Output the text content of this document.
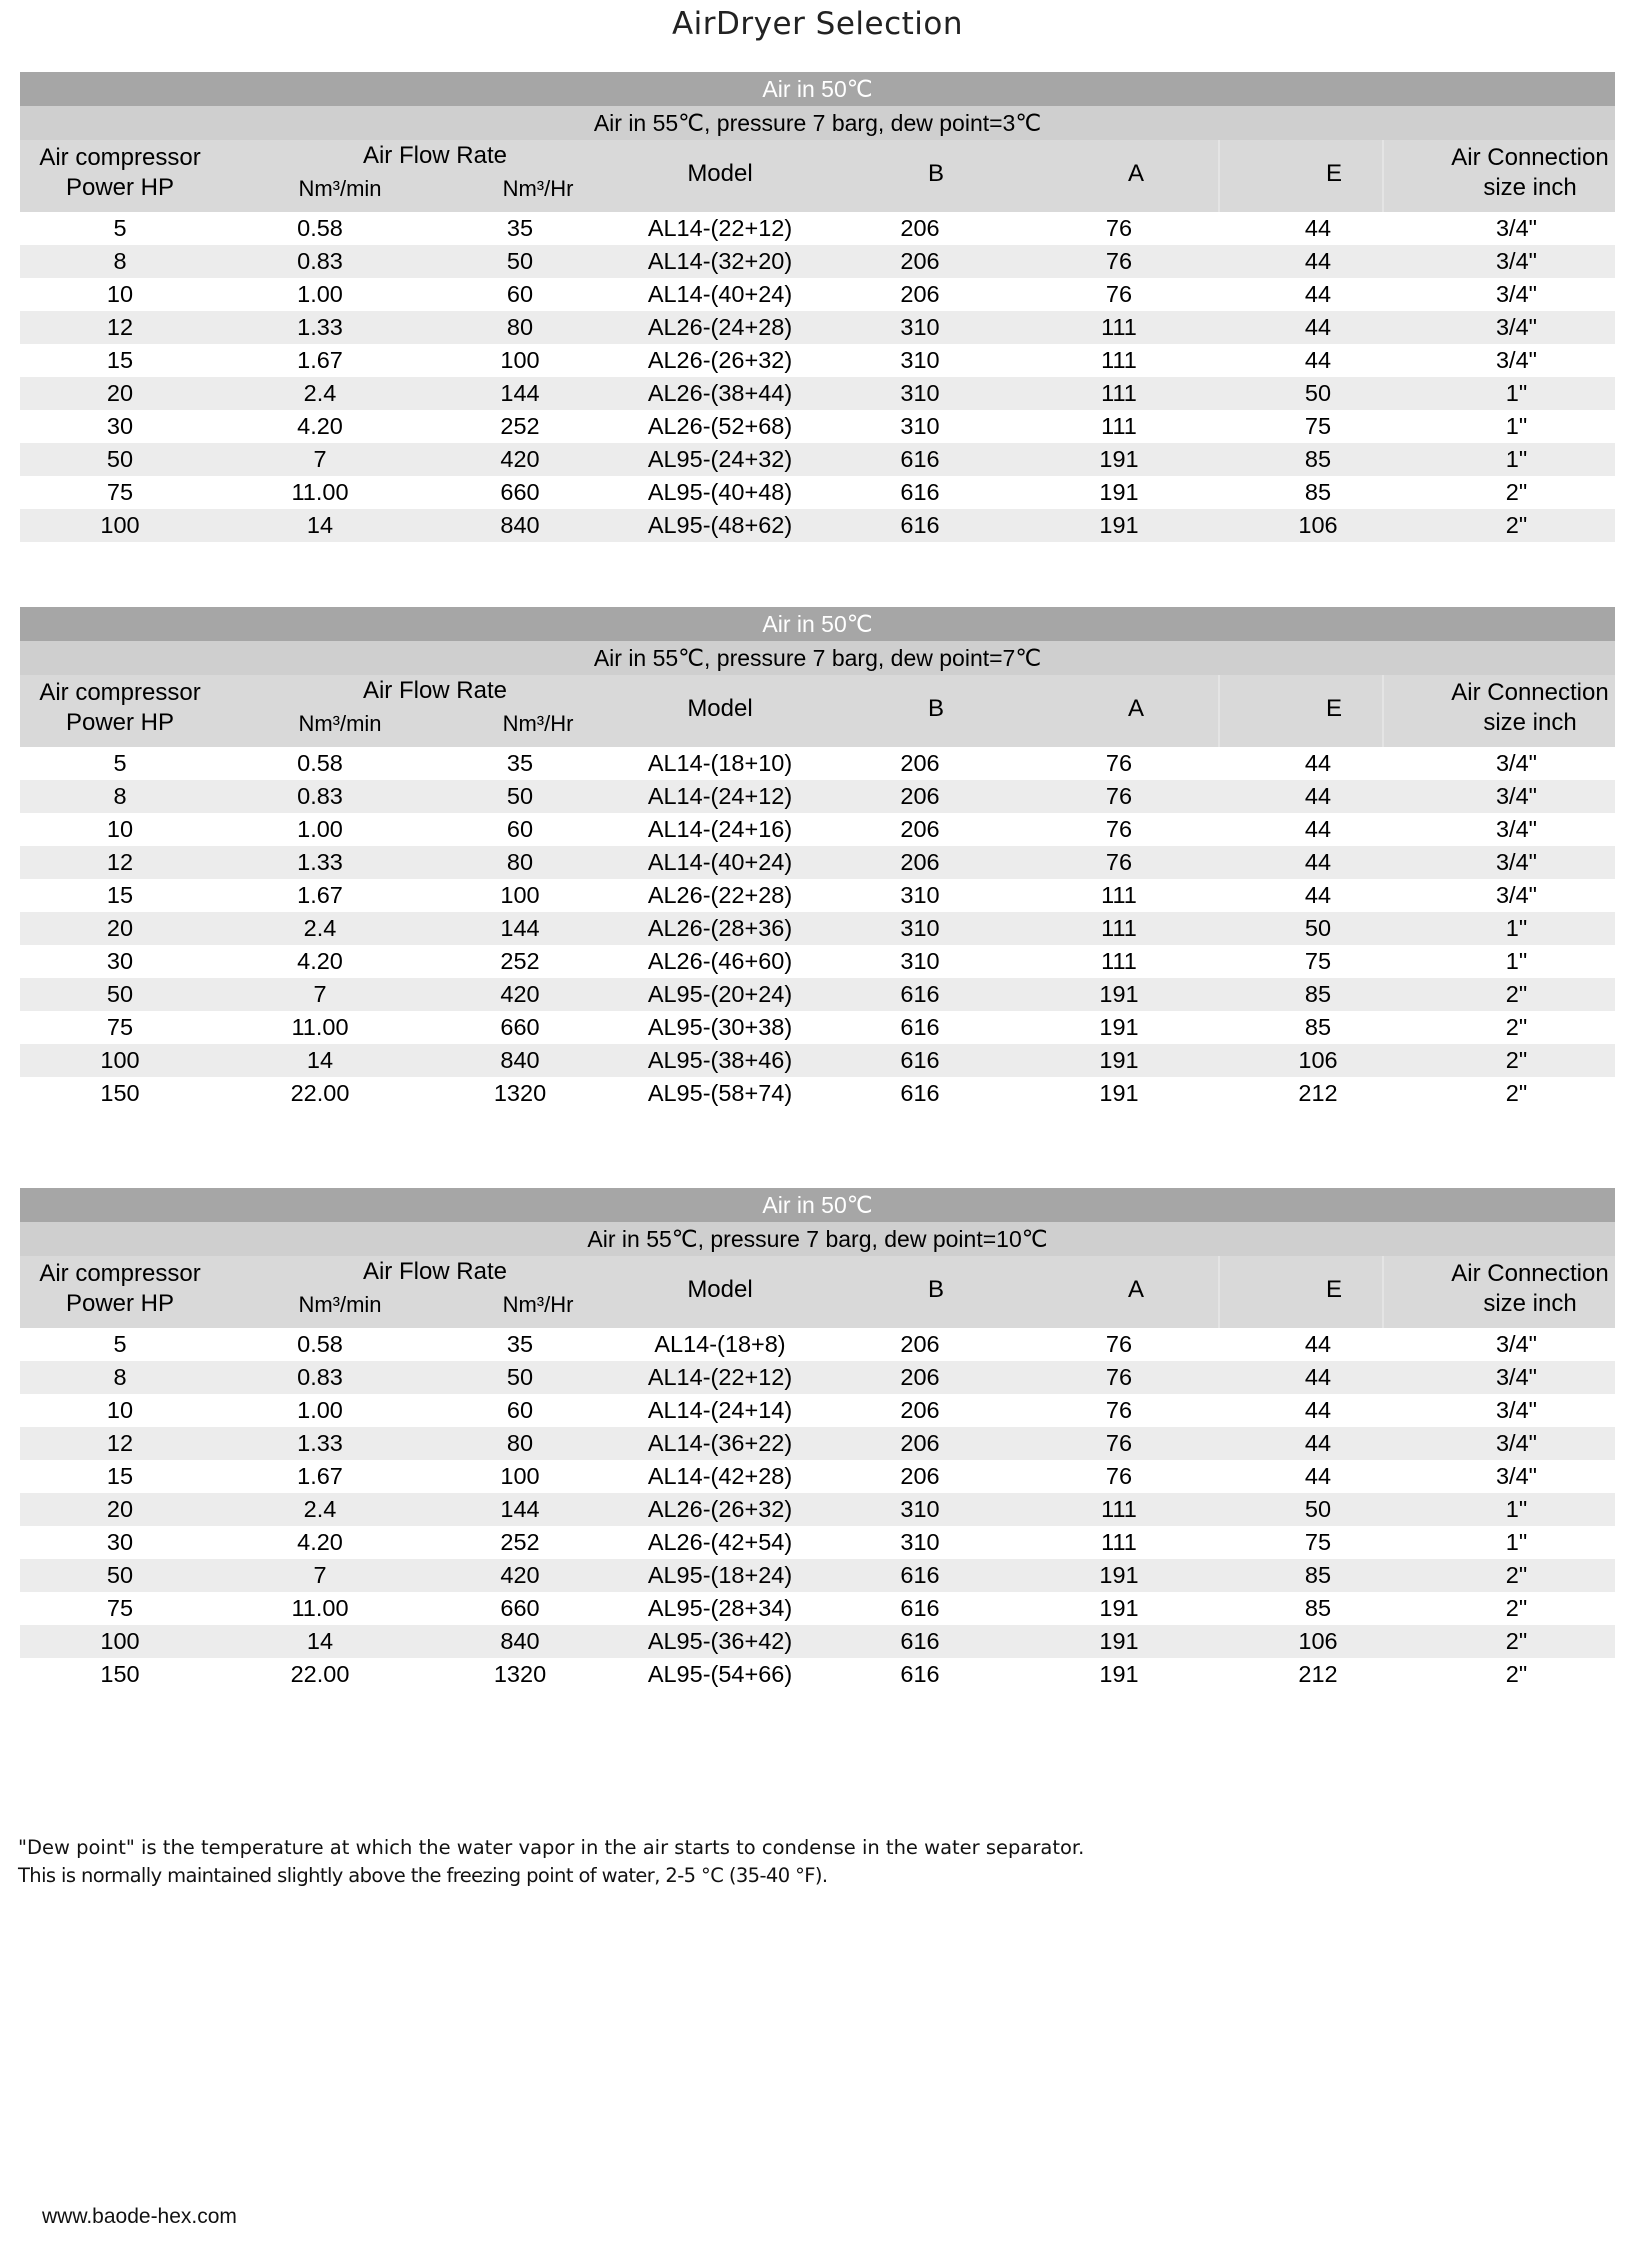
AirDryer Selection
Air in 50℃
Air in 55℃, pressure 7 barg, dew point=3℃
Air compressor
Power HP
Air Flow Rate
Nm³/min	Nm³/Hr
Model	B	A	E
Air Connection
size inch
5	0.58	35	AL14-(22+12)	206	76	44	3/4"
8	0.83	50	AL14-(32+20)	206	76	44	3/4"
10	1.00	60	AL14-(40+24)	206	76	44	3/4"
12	1.33	80	AL26-(24+28)	310	111	44	3/4"
15	1.67	100	AL26-(26+32)	310	111	44	3/4"
20	2.4	144	AL26-(38+44)	310	111	50	1"
30	4.20	252	AL26-(52+68)	310	111	75	1"
50	7	420	AL95-(24+32)	616	191	85	1"
75	11.00	660	AL95-(40+48)	616	191	85	2"
100	14	840	AL95-(48+62)	616	191	106	2"
Air in 50℃
Air in 55℃, pressure 7 barg, dew point=7℃
Air compressor
Power HP
Air Flow Rate
Nm³/min	Nm³/Hr
Model	B	A	E
Air Connection
size inch
5	0.58	35	AL14-(18+10)	206	76	44	3/4"
8	0.83	50	AL14-(24+12)	206	76	44	3/4"
10	1.00	60	AL14-(24+16)	206	76	44	3/4"
12	1.33	80	AL14-(40+24)	206	76	44	3/4"
15	1.67	100	AL26-(22+28)	310	111	44	3/4"
20	2.4	144	AL26-(28+36)	310	111	50	1"
30	4.20	252	AL26-(46+60)	310	111	75	1"
50	7	420	AL95-(20+24)	616	191	85	2"
75	11.00	660	AL95-(30+38)	616	191	85	2"
100	14	840	AL95-(38+46)	616	191	106	2"
150	22.00	1320	AL95-(58+74)	616	191	212	2"
Air in 50℃
Air in 55℃, pressure 7 barg, dew point=10℃
Air compressor
Power HP
Air Flow Rate
Nm³/min	Nm³/Hr
Model	B	A	E
Air Connection
size inch
5	0.58	35	AL14-(18+8)	206	76	44	3/4"
8	0.83	50	AL14-(22+12)	206	76	44	3/4"
10	1.00	60	AL14-(24+14)	206	76	44	3/4"
12	1.33	80	AL14-(36+22)	206	76	44	3/4"
15	1.67	100	AL14-(42+28)	206	76	44	3/4"
20	2.4	144	AL26-(26+32)	310	111	50	1"
30	4.20	252	AL26-(42+54)	310	111	75	1"
50	7	420	AL95-(18+24)	616	191	85	2"
75	11.00	660	AL95-(28+34)	616	191	85	2"
100	14	840	AL95-(36+42)	616	191	106	2"
150	22.00	1320	AL95-(54+66)	616	191	212	2"
"Dew point" is the temperature at which the water vapor in the air starts to condense in the water separator.
This is normally maintained slightly above the freezing point of water, 2-5 °C (35-40 °F).
www.baode-hex.com
